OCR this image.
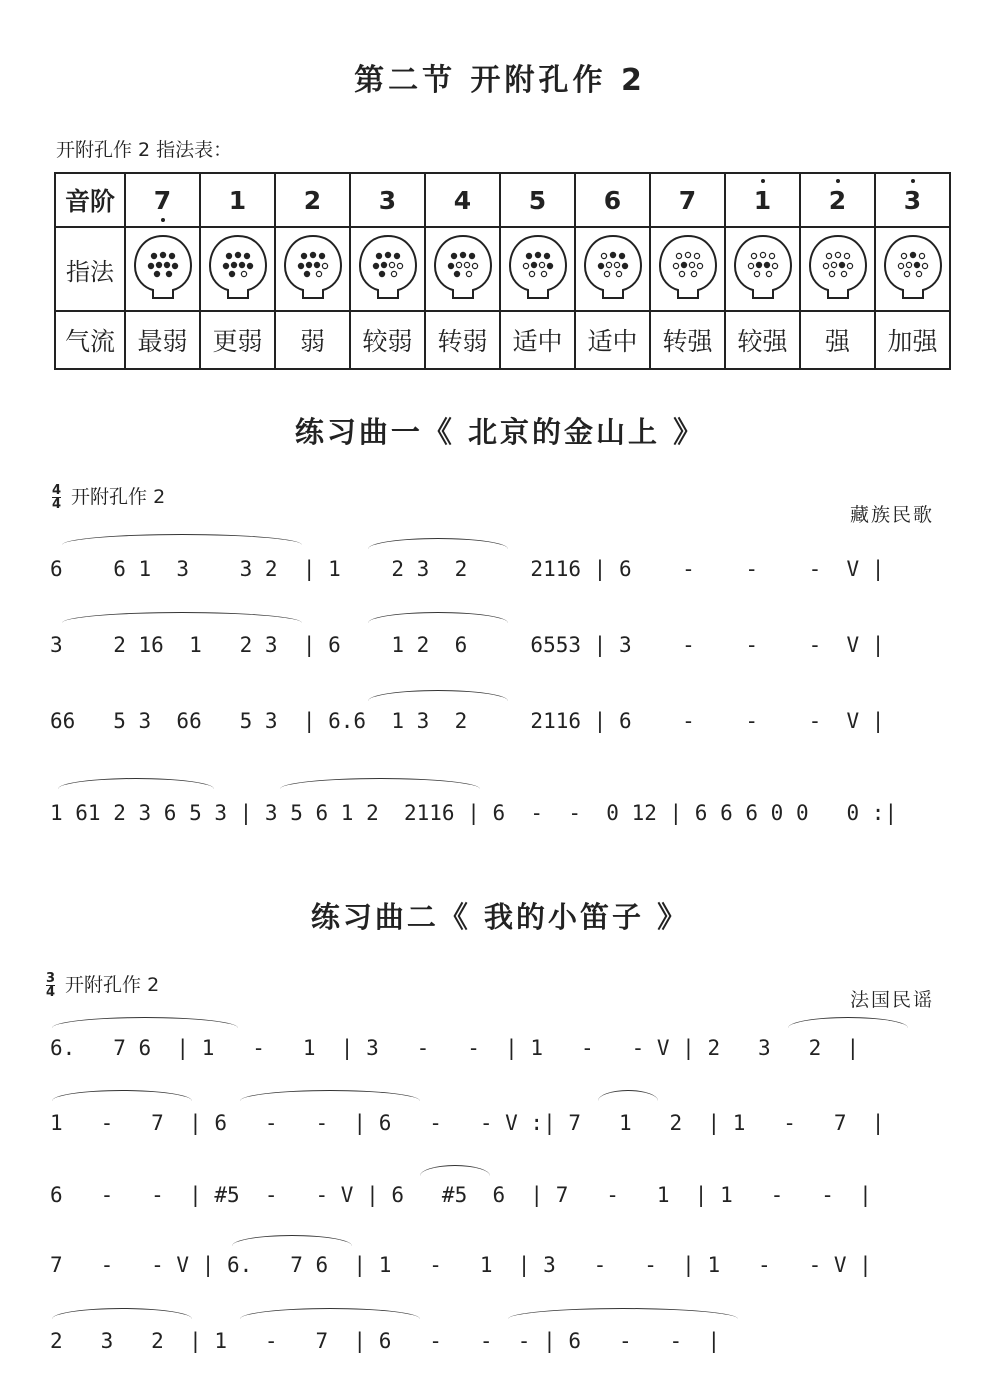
第二节 开附孔作 2
开附孔作 2 指法表：
音阶	7	1	2	3	4	5	6	7	1	2	3
指法											
气流	最弱	更弱	弱	较弱	转弱	适中	适中	转强	较强	强	加强
练习曲一《 北京的金山上 》
$\frac{4}{4}$ 开附孔作 2
藏族民歌
6    6 1  3    3 2  | 1    2 3  2     2116 | 6    -    -    -  V |
3    2 16  1   2 3  | 6    1 2  6     6553 | 3    -    -    -  V |
66   5 3  66   5 3  | 6.6  1 3  2     2116 | 6    -    -    -  V |
1 61 2 3 6 5 3 | 3 5 6 1 2  2116 | 6  -  -  0 12 | 6 6 6 0 0   0 :|
练习曲二《 我的小笛子 》
$\frac{3}{4}$ 开附孔作 2
法国民谣
6.   7 6  | 1   -   1  | 3   -   -  | 1   -   - V | 2   3   2  |
1   -   7  | 6   -   -  | 6   -   - V :| 7   1   2  | 1   -   7  |
6   -   -  | #5  -   - V | 6   #5  6  | 7   -   1  | 1   -   -  |
7   -   - V | 6.   7 6  | 1   -   1  | 3   -   -  | 1   -   - V |
2   3   2  | 1   -   7  | 6   -   -  - | 6   -   -  |
